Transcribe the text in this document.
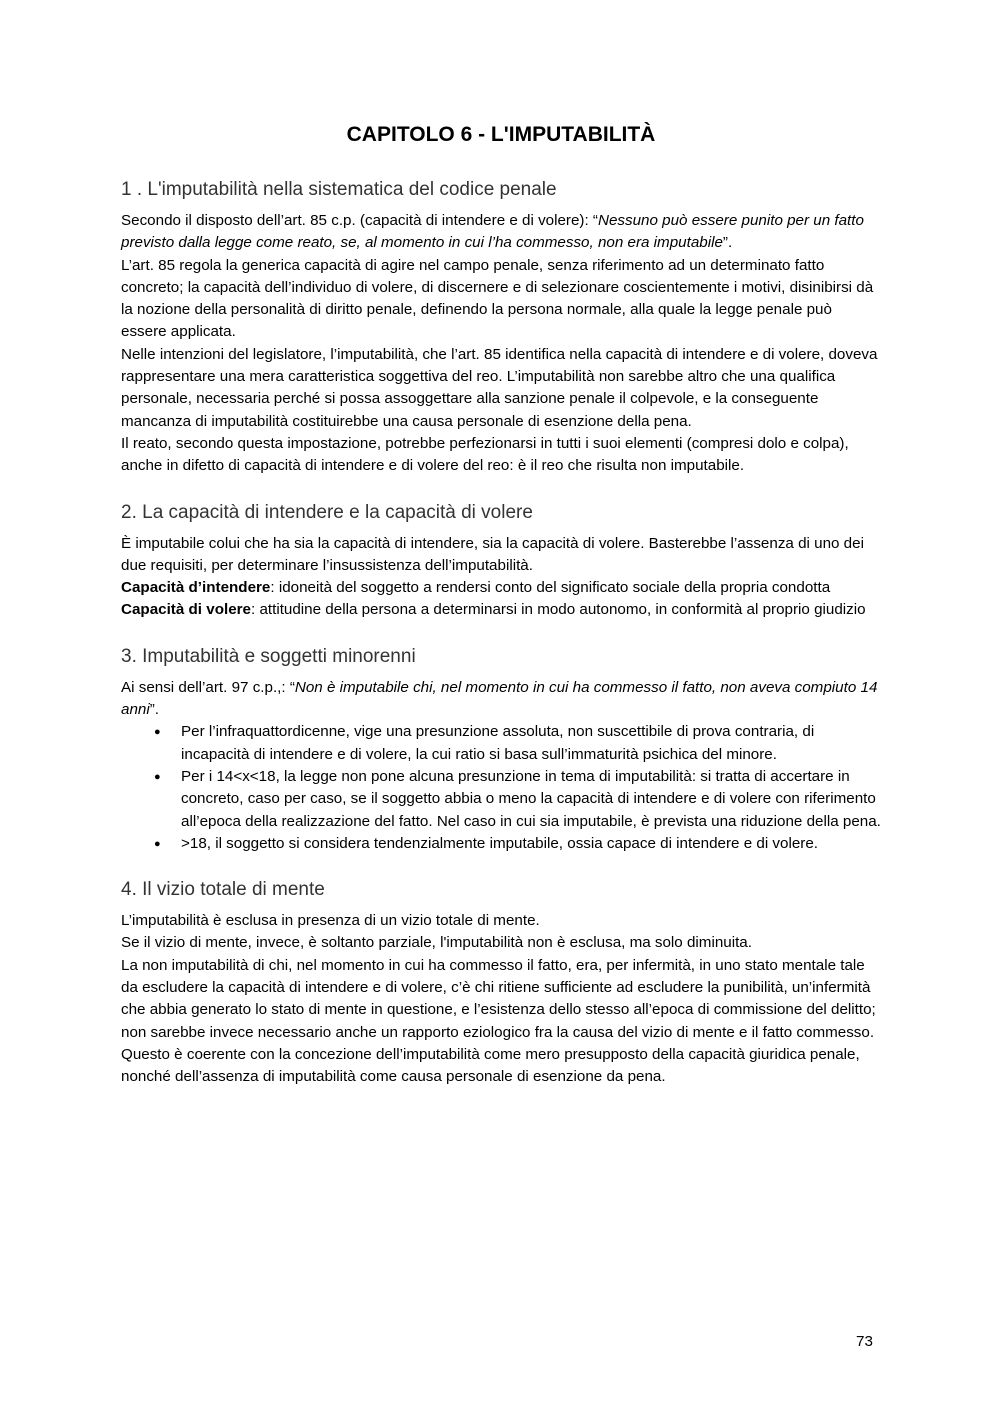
CAPITOLO 6 - L'IMPUTABILITÀ
1 . L'imputabilità nella sistematica del codice penale

Secondo il disposto dell’art. 85 c.p. (capacità di intendere e di volere): “Nessuno può essere punito per un fatto previsto dalla legge come reato, se, al momento in cui l’ha commesso, non era imputabile”.

L’art. 85 regola la generica capacità di agire nel campo penale, senza riferimento ad un determinato fatto concreto; la capacità dell’individuo di volere, di discernere e di selezionare coscientemente i motivi, disinibirsi dà la nozione della personalità di diritto penale, definendo la persona normale, alla quale la legge penale può essere applicata.

Nelle intenzioni del legislatore, l’imputabilità, che l’art. 85 identifica nella capacità di intendere e di volere, doveva rappresentare una mera caratteristica soggettiva del reo. L’imputabilità non sarebbe altro che una qualifica personale, necessaria perché si possa assoggettare alla sanzione penale il colpevole, e la conseguente mancanza di imputabilità costituirebbe una causa personale di esenzione della pena.

Il reato, secondo questa impostazione, potrebbe perfezionarsi in tutti i suoi elementi (compresi dolo e colpa), anche in difetto di capacità di intendere e di volere del reo: è il reo che risulta non imputabile.

2. La capacità di intendere e la capacità di volere

È imputabile colui che ha sia la capacità di intendere, sia la capacità di volere. Basterebbe l’assenza di uno dei due requisiti, per determinare l’insussistenza dell’imputabilità.

Capacità d’intendere: idoneità del soggetto a rendersi conto del significato sociale della propria condotta

Capacità di volere: attitudine della persona a determinarsi in modo autonomo, in conformità al proprio giudizio

3. Imputabilità e soggetti minorenni

Ai sensi dell’art. 97 c.p.,: “Non è imputabile chi, nel momento in cui ha commesso il fatto, non aveva compiuto 14 anni”.

● Per l’infraquattordicenne, vige una presunzione assoluta, non suscettibile di prova contraria, di incapacità di intendere e di volere, la cui ratio si basa sull’immaturità psichica del minore.
● Per i 14<x<18, la legge non pone alcuna presunzione in tema di imputabilità: si tratta di accertare in concreto, caso per caso, se il soggetto abbia o meno la capacità di intendere e di volere con riferimento all’epoca della realizzazione del fatto. Nel caso in cui sia imputabile, è prevista una riduzione della pena.
● >18, il soggetto si considera tendenzialmente imputabile, ossia capace di intendere e di volere.
4. Il vizio totale di mente

L’imputabilità è esclusa in presenza di un vizio totale di mente.

Se il vizio di mente, invece, è soltanto parziale, l'imputabilità non è esclusa, ma solo diminuita.

La non imputabilità di chi, nel momento in cui ha commesso il fatto, era, per infermità, in uno stato mentale tale da escludere la capacità di intendere e di volere, c’è chi ritiene sufficiente ad escludere la punibilità, un’infermità che abbia generato lo stato di mente in questione, e l’esistenza dello stesso all’epoca di commissione del delitto; non sarebbe invece necessario anche un rapporto eziologico fra la causa del vizio di mente e il fatto commesso. Questo è coerente con la concezione dell’imputabilità come mero presupposto della capacità giuridica penale, nonché dell’assenza di imputabilità come causa personale di esenzione da pena.

73
